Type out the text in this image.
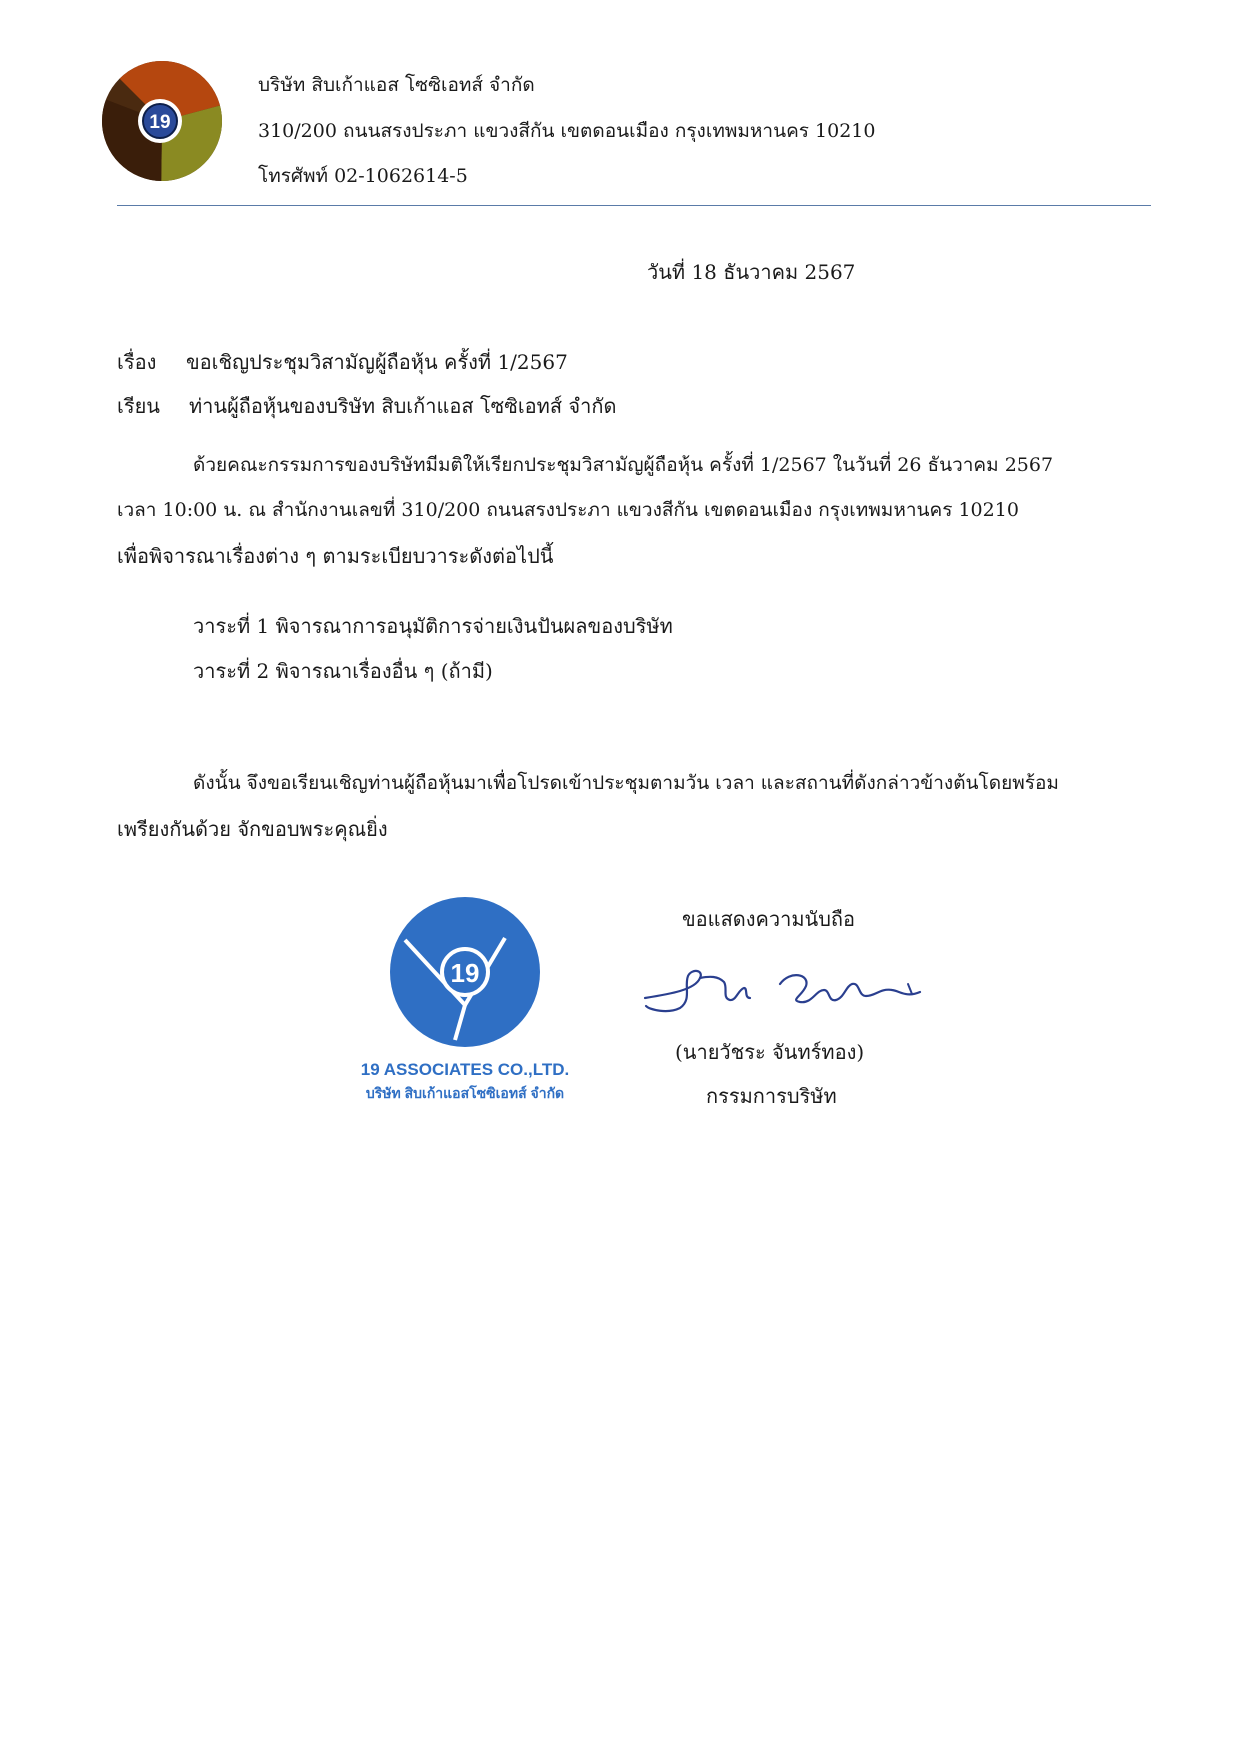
19
บริษัท สิบเก้าแอส โซซิเอทส์ จำกัด
310/200 ถนนสรงประภา แขวงสีกัน เขตดอนเมือง กรุงเทพมหานคร 10210
โทรศัพท์ 02-1062614-5
วันที่ 18 ธันวาคม 2567
เรื่อง ขอเชิญประชุมวิสามัญผู้ถือหุ้น ครั้งที่ 1/2567
เรียน ท่านผู้ถือหุ้นของบริษัท สิบเก้าแอส โซซิเอทส์ จำกัด
ด้วยคณะกรรมการของบริษัทมีมติให้เรียกประชุมวิสามัญผู้ถือหุ้น ครั้งที่ 1/2567 ในวันที่ 26 ธันวาคม 2567
เวลา 10:00 น. ณ สำนักงานเลขที่ 310/200 ถนนสรงประภา แขวงสีกัน เขตดอนเมือง กรุงเทพมหานคร 10210
เพื่อพิจารณาเรื่องต่าง ๆ ตามระเบียบวาระดังต่อไปนี้
วาระที่ 1 พิจารณาการอนุมัติการจ่ายเงินปันผลของบริษัท
วาระที่ 2 พิจารณาเรื่องอื่น ๆ (ถ้ามี)
ดังนั้น จึงขอเรียนเชิญท่านผู้ถือหุ้นมาเพื่อโปรดเข้าประชุมตามวัน เวลา และสถานที่ดังกล่าวข้างต้นโดยพร้อม
เพรียงกันด้วย จักขอบพระคุณยิ่ง
19
19 ASSOCIATES CO.,LTD.
บริษัท สิบเก้าแอสโซซิเอทส์ จำกัด
ขอแสดงความนับถือ
(นายวัชระ จันทร์ทอง)
กรรมการบริษัท
